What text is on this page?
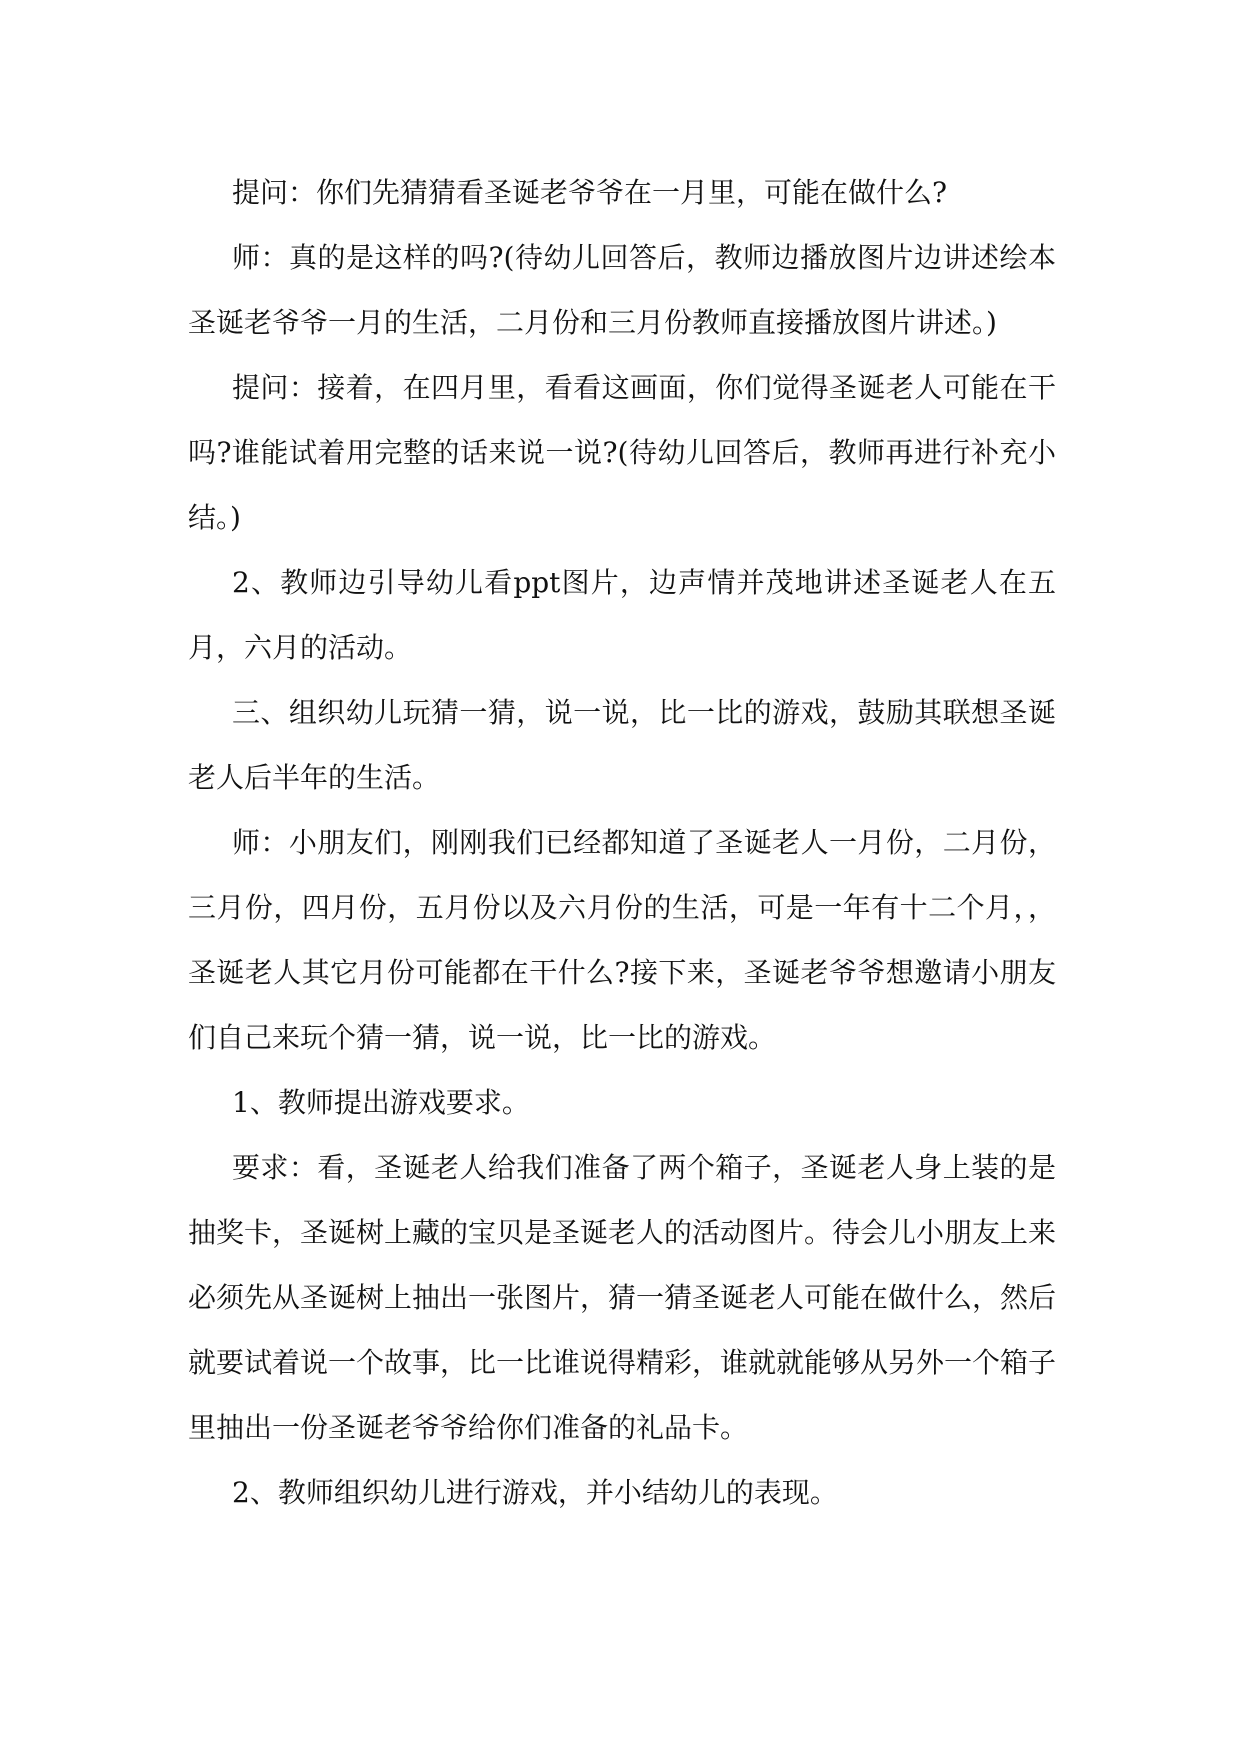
提问：你们先猜猜看圣诞老爷爷在一月里，可能在做什么?

师：真的是这样的吗?(待幼儿回答后，教师边播放图片边讲述绘本圣诞老爷爷一月的生活，二月份和三月份教师直接播放图片讲述。)

提问：接着，在四月里，看看这画面，你们觉得圣诞老人可能在干吗?谁能试着用完整的话来说一说?(待幼儿回答后，教师再进行补充小结。)

2、教师边引导幼儿看ppt图片，边声情并茂地讲述圣诞老人在五月，六月的活动。

三、组织幼儿玩猜一猜，说一说，比一比的游戏，鼓励其联想圣诞老人后半年的生活。

师：小朋友们，刚刚我们已经都知道了圣诞老人一月份，二月份，三月份，四月份，五月份以及六月份的生活，可是一年有十二个月，，圣诞老人其它月份可能都在干什么?接下来，圣诞老爷爷想邀请小朋友们自己来玩个猜一猜，说一说，比一比的游戏。

1、教师提出游戏要求。

要求：看，圣诞老人给我们准备了两个箱子，圣诞老人身上装的是抽奖卡，圣诞树上藏的宝贝是圣诞老人的活动图片。待会儿小朋友上来必须先从圣诞树上抽出一张图片，猜一猜圣诞老人可能在做什么，然后就要试着说一个故事，比一比谁说得精彩，谁就就能够从另外一个箱子里抽出一份圣诞老爷爷给你们准备的礼品卡。

2、教师组织幼儿进行游戏，并小结幼儿的表现。
